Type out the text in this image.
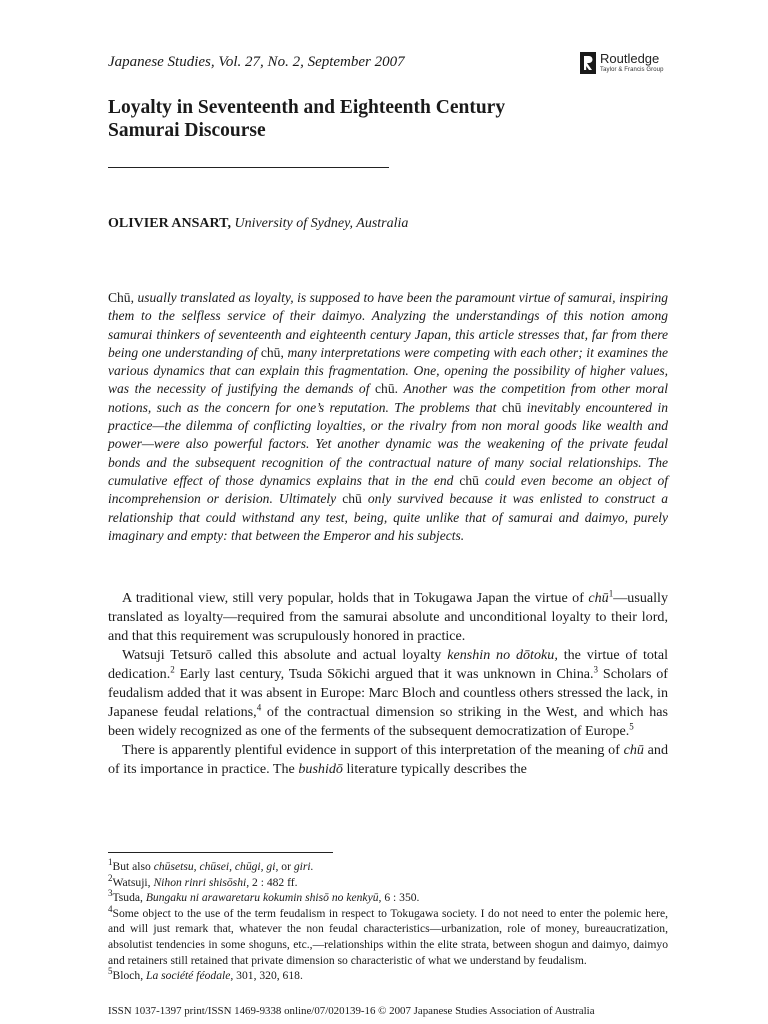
Japanese Studies, Vol. 27, No. 2, September 2007	Routledge
Taylor & Francis Group
Loyalty in Seventeenth and Eighteenth Century
Samurai Discourse
OLIVIER ANSART, University of Sydney, Australia

Chū, usually translated as loyalty, is supposed to have been the paramount virtue of samurai, inspiring them to the selfless service of their daimyo. Analyzing the understandings of this notion among samurai thinkers of seventeenth and eighteenth century Japan, this article stresses that, far from there being one understanding of chū, many interpretations were competing with each other; it examines the various dynamics that can explain this fragmentation. One, opening the possibility of higher values, was the necessity of justifying the demands of chū. Another was the competition from other moral notions, such as the concern for one’s reputation. The problems that chū inevitably encountered in practice—the dilemma of conflicting loyalties, or the rivalry from non moral goods like wealth and power—were also powerful factors. Yet another dynamic was the weakening of the private feudal bonds and the subsequent recognition of the contractual nature of many social relationships. The cumulative effect of those dynamics explains that in the end chū could even become an object of incomprehension or derision. Ultimately chū only survived because it was enlisted to construct a relationship that could withstand any test, being, quite unlike that of samurai and daimyo, purely imaginary and empty: that between the Emperor and his subjects.

A traditional view, still very popular, holds that in Tokugawa Japan the virtue of chū$^1$—usually translated as loyalty—required from the samurai absolute and unconditional loyalty to their lord, and that this requirement was scrupulously honored in practice.

Watsuji Tetsurō called this absolute and actual loyalty kenshin no dōtoku, the virtue of total dedication.$^2$ Early last century, Tsuda Sōkichi argued that it was unknown in China.$^3$ Scholars of feudalism added that it was absent in Europe: Marc Bloch and countless others stressed the lack, in Japanese feudal relations,$^4$ of the contractual dimension so striking in the West, and which has been widely recognized as one of the ferments of the subsequent democratization of Europe.$^5$

There is apparently plentiful evidence in support of this interpretation of the meaning of chū and of its importance in practice. The bushidō literature typically describes the

$^1$But also chūsetsu, chūsei, chūgi, gi, or giri.

$^2$Watsuji, Nihon rinri shisōshi, 2 : 482 ff.

$^3$Tsuda, Bungaku ni arawaretaru kokumin shisō no kenkyū, 6 : 350.

$^4$Some object to the use of the term feudalism in respect to Tokugawa society. I do not need to enter the polemic here, and will just remark that, whatever the non feudal characteristics—urbanization, role of money, bureaucratization, absolutist tendencies in some shoguns, etc.,—relationships within the elite strata, between shogun and daimyo, daimyo and retainers still retained that private dimension so characteristic of what we understand by feudalism.

$^5$Bloch, La société féodale, 301, 320, 618.

ISSN 1037-1397 print/ISSN 1469-9338 online/07/020139-16 © 2007 Japanese Studies Association of Australia
